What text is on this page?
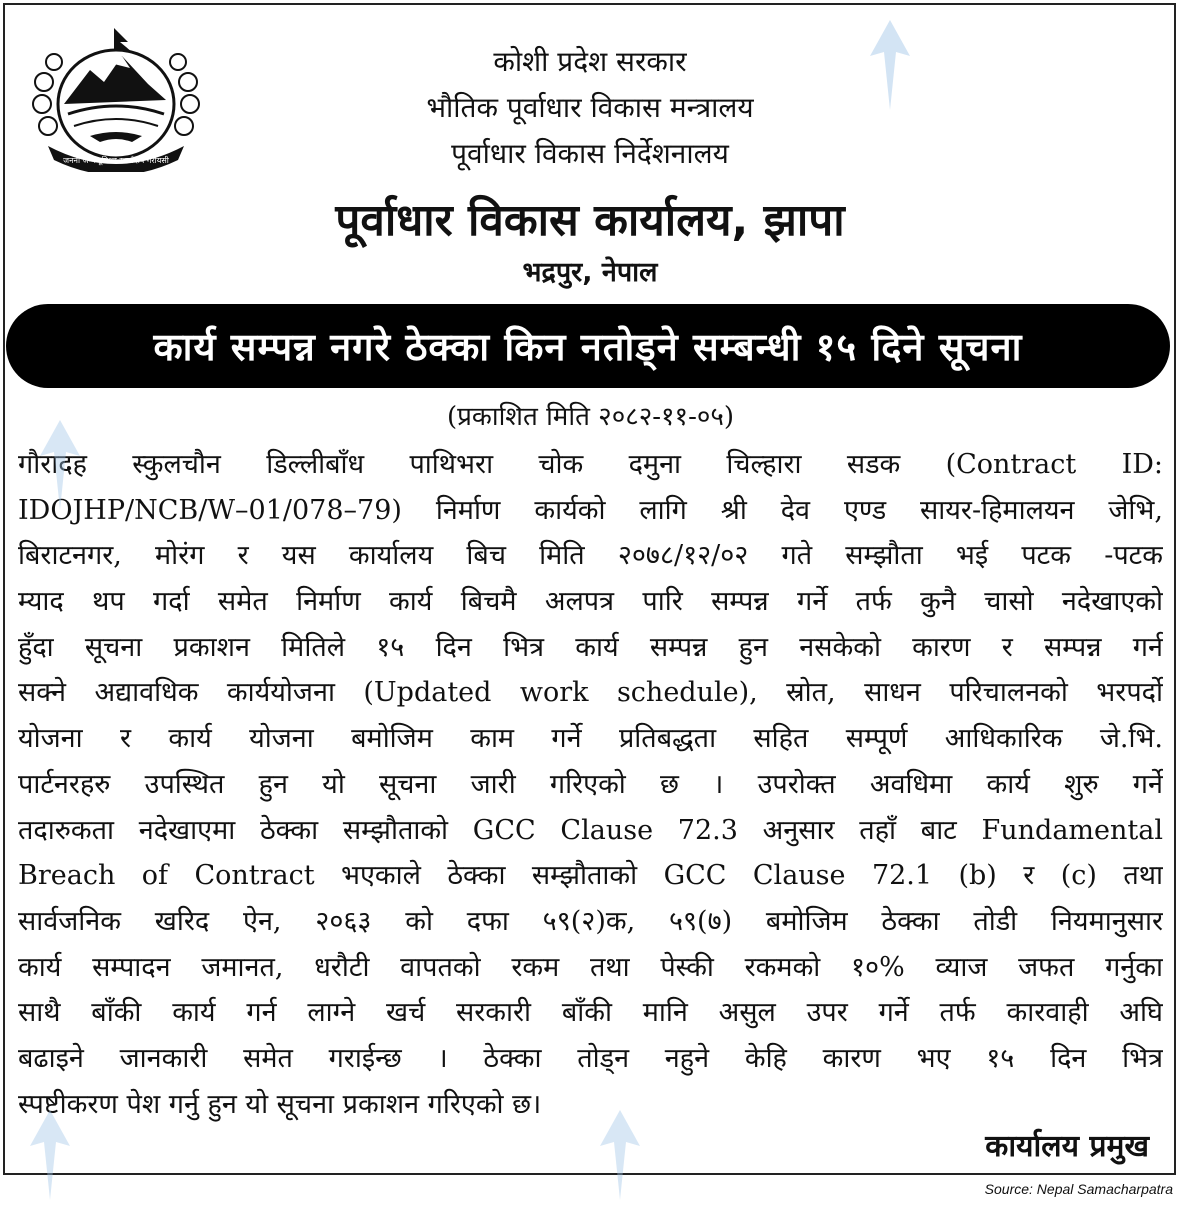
जननी जन्मभूमिश्च स्वर्गादपि गरीयसी
कोशी प्रदेश सरकार
भौतिक पूर्वाधार विकास मन्त्रालय
पूर्वाधार विकास निर्देशनालय
पूर्वाधार विकास कार्यालय, झापा
भद्रपुर, नेपाल
कार्य सम्पन्न नगरे ठेक्का किन नतोड्ने सम्बन्धी १५ दिने सूचना
(प्रकाशित मिति २०८२-११-०५)
गौरादह स्कुलचौन डिल्लीबाँध पाथिभरा चोक दमुना चिल्हारा सडक (Contract ID:
IDOJHP/NCB/W–01/078–79) निर्माण कार्यको लागि श्री देव एण्ड सायर-हिमालयन जेभि,
बिराटनगर, मोरंग र यस कार्यालय बिच मिति २०७८/१२/०२ गते सम्झौता भई पटक -पटक
म्याद थप गर्दा समेत निर्माण कार्य बिचमै अलपत्र पारि सम्पन्न गर्ने तर्फ कुनै चासो नदेखाएको
हुँदा सूचना प्रकाशन मितिले १५ दिन भित्र कार्य सम्पन्न हुन नसकेको कारण र सम्पन्न गर्न
सक्ने अद्यावधिक कार्ययोजना (Updated work schedule), स्रोत, साधन परिचालनको भरपर्दो
योजना र कार्य योजना बमोजिम काम गर्ने प्रतिबद्धता सहित सम्पूर्ण आधिकारिक जे.भि.
पार्टनरहरु उपस्थित हुन यो सूचना जारी गरिएको छ । उपरोक्त अवधिमा कार्य शुरु गर्ने
तदारुकता नदेखाएमा ठेक्का सम्झौताको GCC Clause 72.3 अनुसार तहाँ बाट Fundamental
Breach of Contract भएकाले ठेक्का सम्झौताको GCC Clause 72.1 (b) र (c) तथा
सार्वजनिक खरिद ऐन, २०६३ को दफा ५९(२)क, ५९(७) बमोजिम ठेक्का तोडी नियमानुसार
कार्य सम्पादन जमानत, धरौटी वापतको रकम तथा पेस्की रकमको १०% व्याज जफत गर्नुका
साथै बाँकी कार्य गर्न लाग्ने खर्च सरकारी बाँकी मानि असुल उपर गर्ने तर्फ कारवाही अघि
बढाइने जानकारी समेत गराईन्छ । ठेक्का तोड्न नहुने केहि कारण भए १५ दिन भित्र
स्पष्टीकरण पेश गर्नु हुन यो सूचना प्रकाशन गरिएको छ।
कार्यालय प्रमुख
Source: Nepal Samacharpatra
